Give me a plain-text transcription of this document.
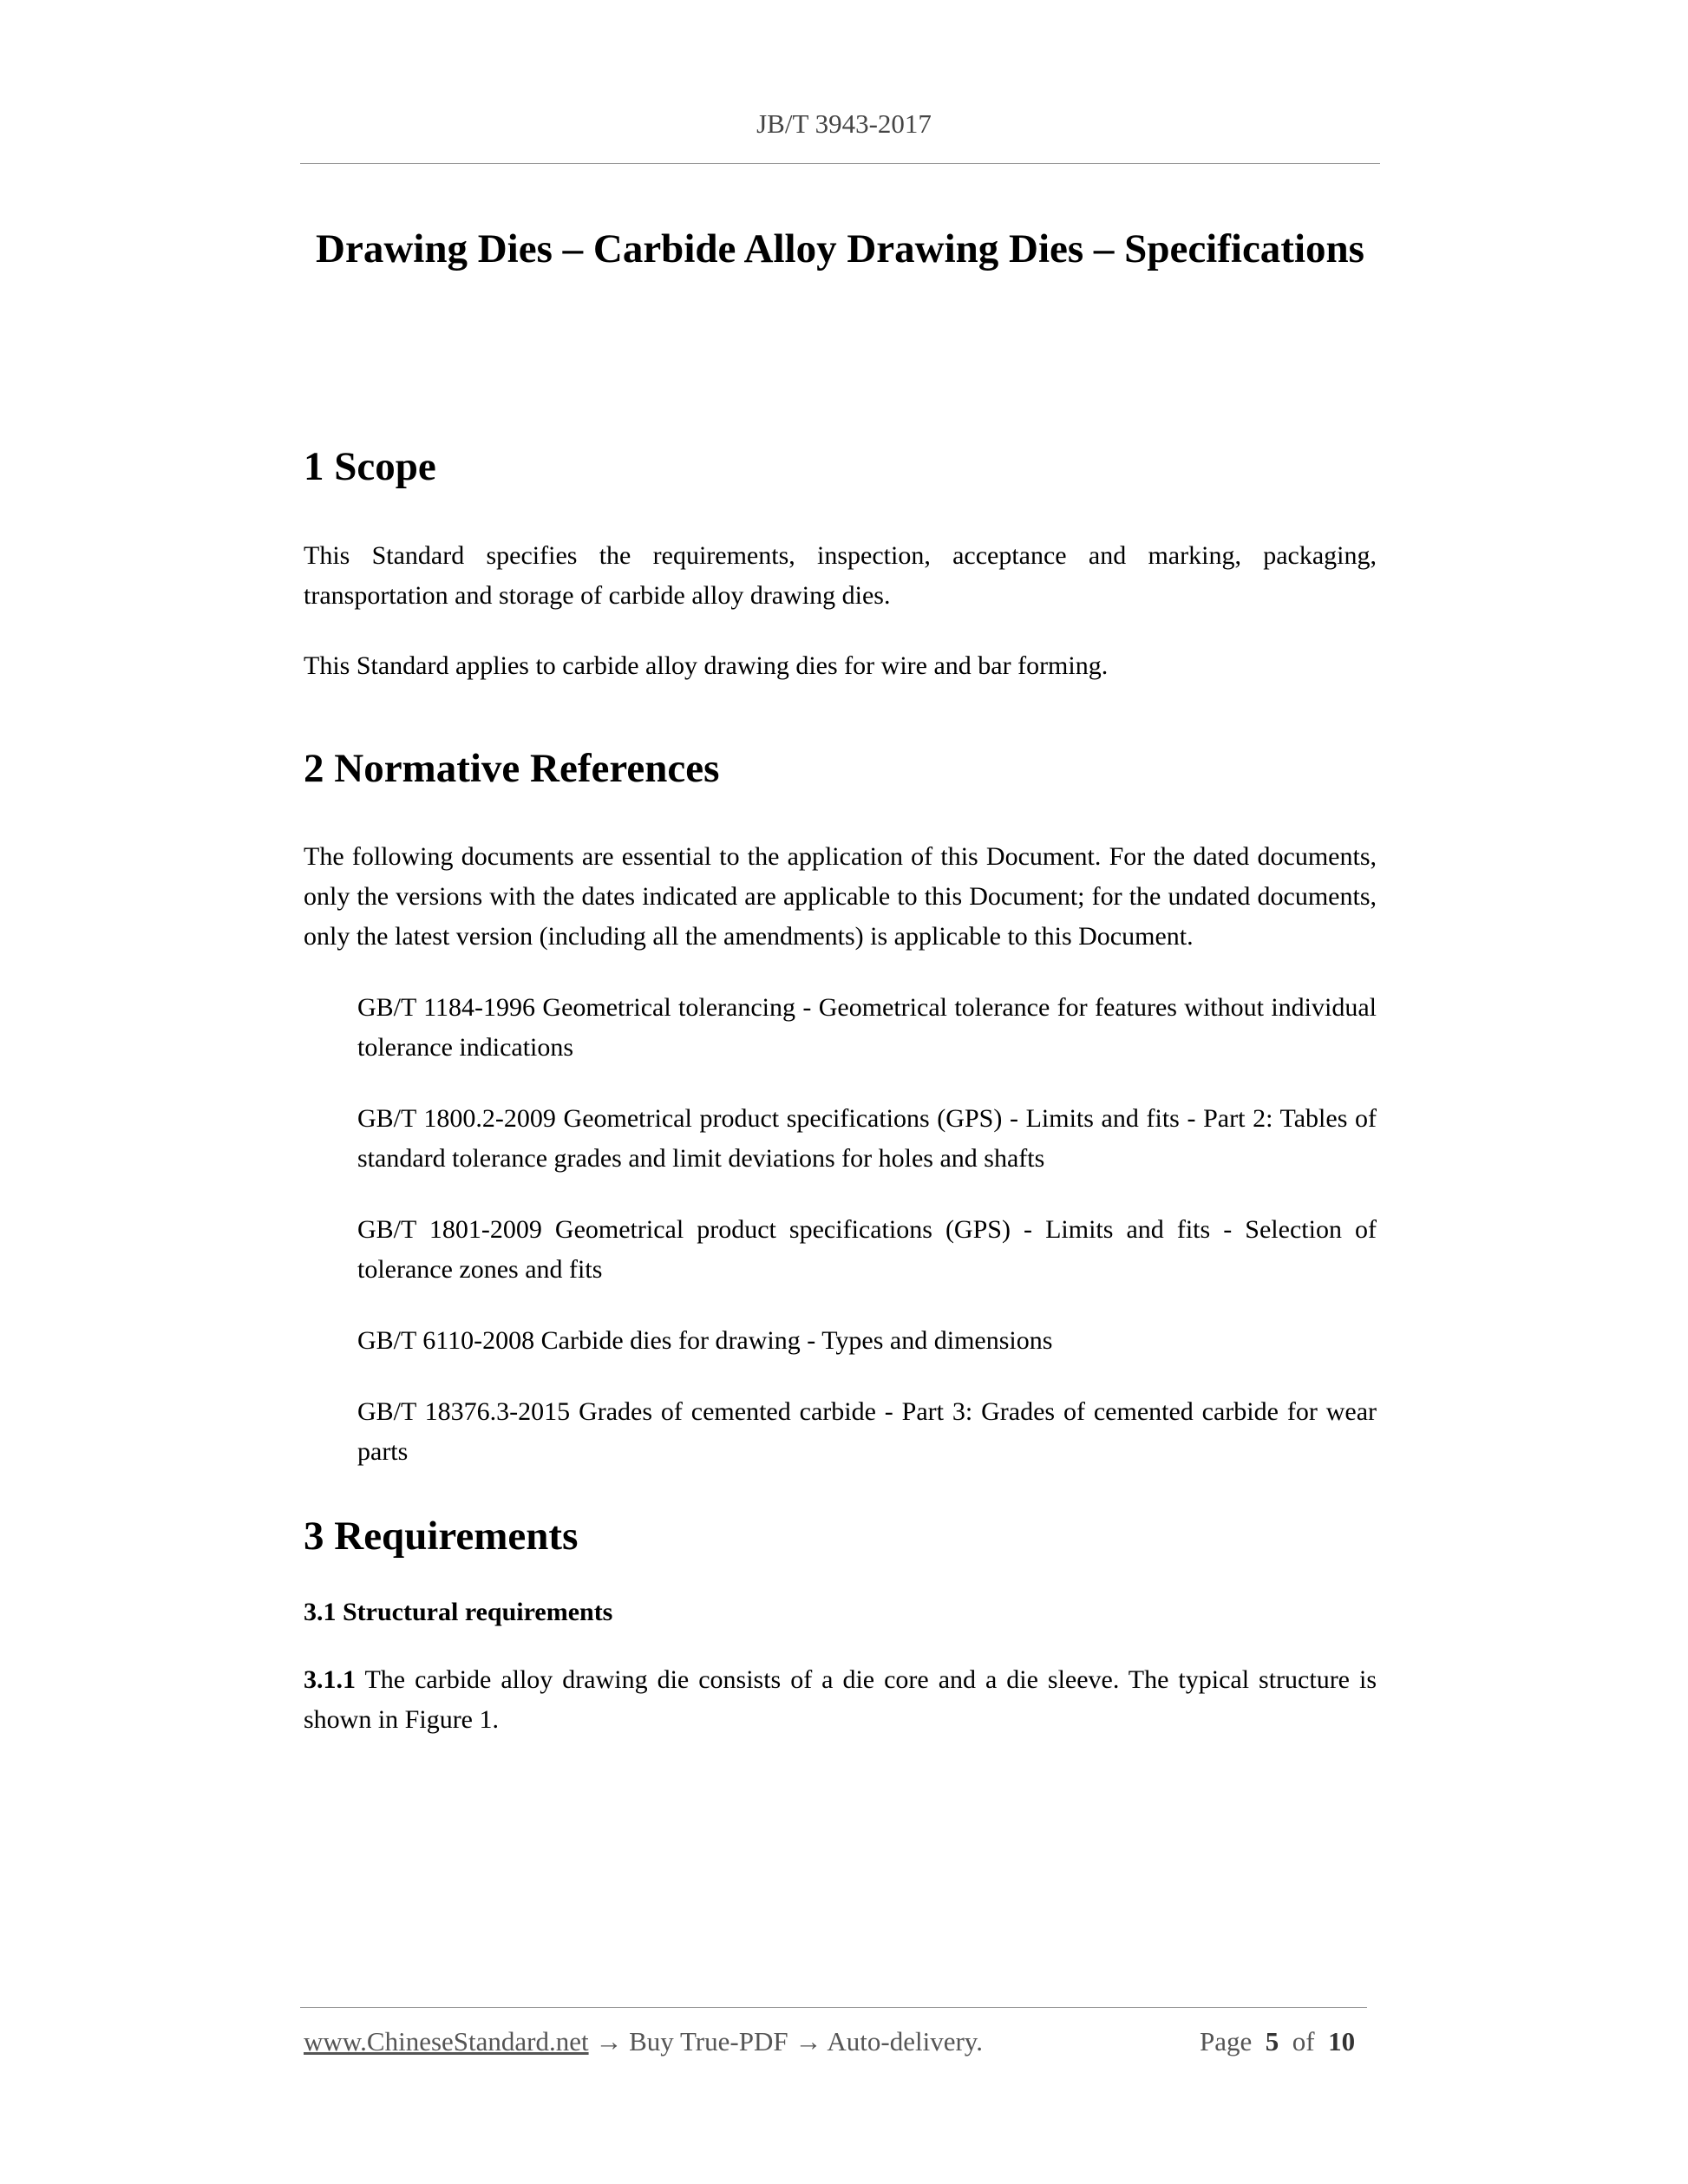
JB/T 3943-2017
Drawing Dies – Carbide Alloy Drawing Dies – Specifications
1 Scope

This Standard specifies the requirements, inspection, acceptance and marking, packaging, transportation and storage of carbide alloy drawing dies.

This Standard applies to carbide alloy drawing dies for wire and bar forming.

2 Normative References

The following documents are essential to the application of this Document. For the dated documents, only the versions with the dates indicated are applicable to this Document; for the undated documents, only the latest version (including all the amendments) is applicable to this Document.

GB/T 1184-1996 Geometrical tolerancing - Geometrical tolerance for features without individual tolerance indications

GB/T 1800.2-2009 Geometrical product specifications (GPS) - Limits and fits - Part 2: Tables of standard tolerance grades and limit deviations for holes and shafts

GB/T 1801-2009 Geometrical product specifications (GPS) - Limits and fits - Selection of tolerance zones and fits

GB/T 6110-2008 Carbide dies for drawing - Types and dimensions

GB/T 18376.3-2015 Grades of cemented carbide - Part 3: Grades of cemented carbide for wear parts

3 Requirements
3.1 Structural requirements

3.1.1 The carbide alloy drawing die consists of a die core and a die sleeve. The typical structure is shown in Figure 1.

www.ChineseStandard.net → Buy True-PDF → Auto-delivery.	Page 5 of 10
